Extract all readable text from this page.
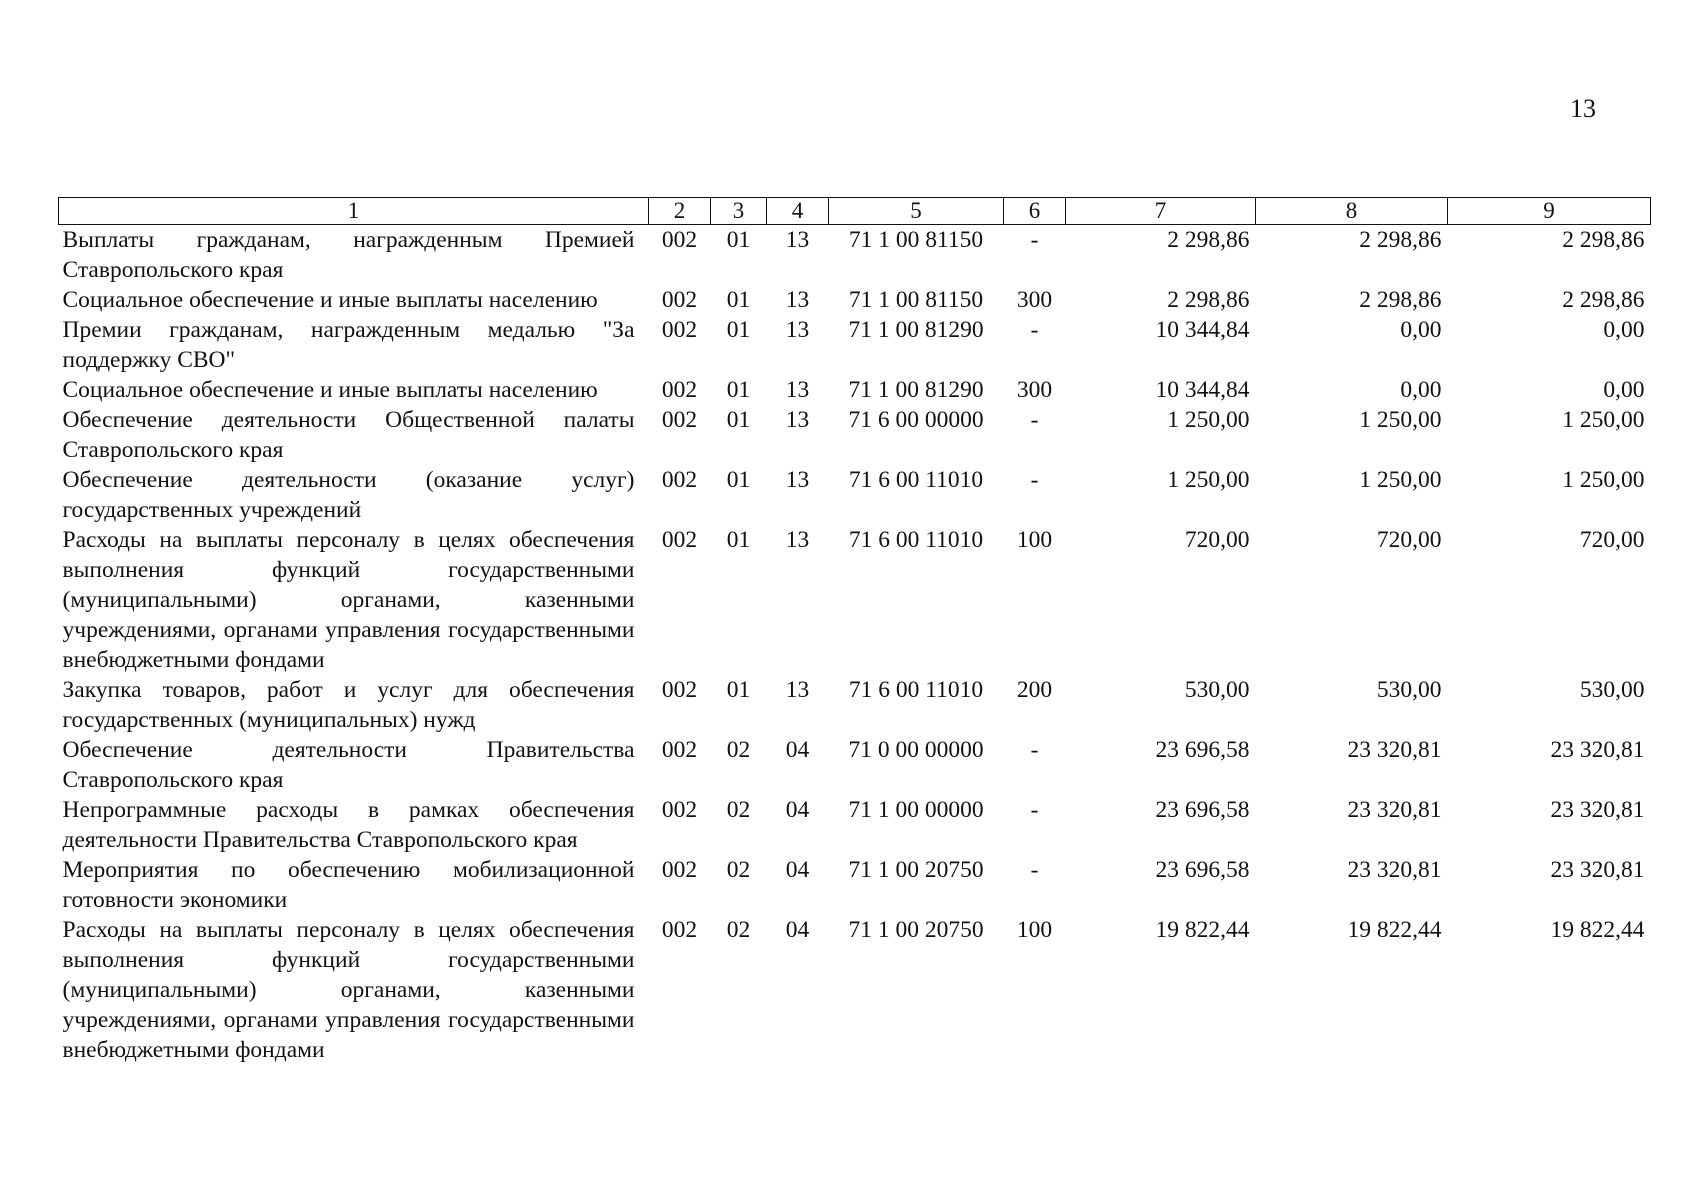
13
1	2	3	4	5	6	7	8	9
Выплаты гражданам, награжденным Премией Ставропольского края	002	01	13	71 1 00 81150	-	2 298,86	2 298,86	2 298,86
Социальное обеспечение и иные выплаты населению	002	01	13	71 1 00 81150	300	2 298,86	2 298,86	2 298,86
Премии гражданам, награжденным медалью "За поддержку СВО"	002	01	13	71 1 00 81290	-	10 344,84	0,00	0,00
Социальное обеспечение и иные выплаты населению	002	01	13	71 1 00 81290	300	10 344,84	0,00	0,00
Обеспечение деятельности Общественной палаты Ставропольского края	002	01	13	71 6 00 00000	-	1 250,00	1 250,00	1 250,00
Обеспечение деятельности (оказание услуг) государственных учреждений	002	01	13	71 6 00 11010	-	1 250,00	1 250,00	1 250,00
Расходы на выплаты персоналу в целях обеспечения выполнения функций государственными (муниципальными) органами, казенными учреждениями, органами управления государственными внебюджетными фондами	002	01	13	71 6 00 11010	100	720,00	720,00	720,00
Закупка товаров, работ и услуг для обеспечения государственных (муниципальных) нужд	002	01	13	71 6 00 11010	200	530,00	530,00	530,00
Обеспечение деятельности Правительства Ставропольского края	002	02	04	71 0 00 00000	-	23 696,58	23 320,81	23 320,81
Непрограммные расходы в рамках обеспечения деятельности Правительства Ставропольского края	002	02	04	71 1 00 00000	-	23 696,58	23 320,81	23 320,81
Мероприятия по обеспечению мобилизационной готовности экономики	002	02	04	71 1 00 20750	-	23 696,58	23 320,81	23 320,81
Расходы на выплаты персоналу в целях обеспечения выполнения функций государственными (муниципальными) органами, казенными учреждениями, органами управления государственными внебюджетными фондами	002	02	04	71 1 00 20750	100	19 822,44	19 822,44	19 822,44
